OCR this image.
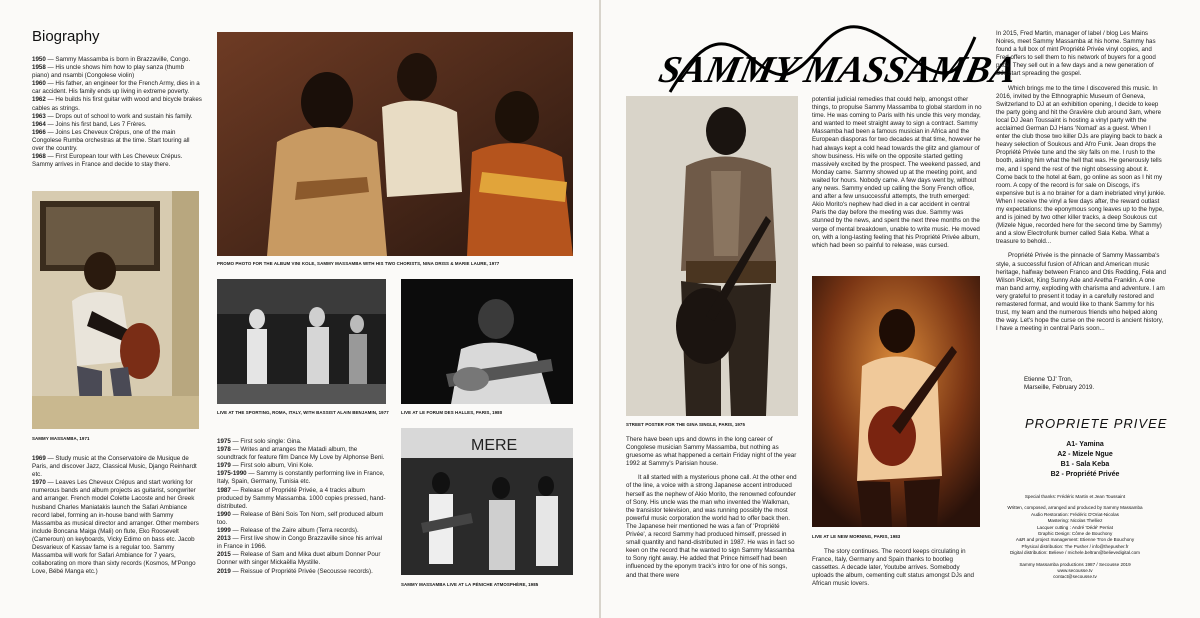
Biography
1950 — Sammy Massamba is born in Brazzaville, Congo.
1958 — His uncle shows him how to play sanza (thumb piano) and nsambi (Congolese violin)
1960 — His father, an engineer for the French Army, dies in a car accident. His family ends up living in extreme poverty.
1962 — He builds his first guitar with wood and bicycle brakes cables as strings.
1963 — Drops out of school to work and sustain his family.
1964 — Joins his first band, Les 7 Frères.
1966 — Joins Les Cheveux Crépus, one of the main Congolese Rumba orchestras at the time. Start touring all over the country.
1968 — First European tour with Les Cheveux Crépus. Sammy arrives in France and decide to stay there.
SAMMY MASSAMBA, 1971
1969 — Study music at the Conservatoire de Musique de Paris, and discover Jazz, Classical Music, Django Reinhardt etc.
1970 — Leaves Les Cheveux Crépus and start working for numerous bands and album projects as guitarist, songwriter and arranger. French model Colette Lacoste and her Greek husband Charles Maniatakis launch the Safari Ambiance record label, forming an in-house band with Sammy Massamba as musical director and arranger. Other members include Boncana Maiga (Mali) on flute, Eko Roosevelt (Cameroun) on keyboards, Vicky Edimo on bass etc. Jacob Desvarieux of Kassav fame is a regular too. Sammy Massamba will work for Safari Ambiance for 7 years, collaborating on more than sixty records (Kosmos, M'Pongo Love, Bébé Manga etc.)
PROMO PHOTO FOR THE ALBUM VINI KOLE, SAMMY MASSAMBA WITH HIS TWO CHORISTS, NINA DRISS & MARIE LAURE, 1977
LIVE AT THE SPORTING, ROMA, ITALY, WITH BASSIST ALAIN BENJAMIN, 1977	LIVE AT LE FORUM DES HALLES, PARIS, 1980
1975 — First solo single: Gina.
1978 — Writes and arranges the Matadi album, the soundtrack for feature film Dance My Love by Alphonse Beni.
1979 — First solo album, Vini Kole.
1975-1990 — Sammy is constantly performing live in France, Italy, Spain, Germany, Tunisia etc.
1987 — Release of Propriété Privée, a 4 tracks album produced by Sammy Massamba. 1000 copies pressed, hand-distributed.
1990 — Release of Bèni Sois Ton Nom, self produced album too.
1999 — Release of the Zaire album (Terra records).
2013 — First live show in Congo Brazzaville since his arrival in France in 1966.
2015 — Release of Sam and Mika duet album Donner Pour Donner with singer Mickaëlla Mystille.
2019 — Reissue of Propriété Privée (Secousse records).
MERE
SAMMY MASSAMBA LIVE AT LA PÉNICHE ATMOSPHÈRE, 1985
SAMMY MASSAMBA
STREET POSTER FOR THE GINA SINGLE, PARIS, 1975

There have been ups and downs in the long career of Congolese musician Sammy Massamba, but nothing as gruesome as what happened a certain Friday night of the year 1992 at Sammy's Parisian house.

It all started with a mysterious phone call. At the other end of the line, a voice with a strong Japanese accent introduced herself as the nephew of Akio Morito, the renowned cofounder of Sony. His uncle was the man who invented the Walkman, the transistor television, and was running possibly the most powerful music corporation the world had to offer back then. The Japanese heir mentioned he was a fan of 'Propriété Privée', a record Sammy had produced himself, pressed in small quantity and hand-distributed in 1987. He was in fact so keen on the record that he wanted to sign Sammy Massamba to Sony right away. He added that Prince himself had been influenced by the eponym track's intro for one of his songs, and that there were

potential judicial remedies that could help, amongst other things, to propulse Sammy Massamba to global stardom in no time. He was coming to Paris with his uncle this very monday, and wanted to meet straight away to sign a contract. Sammy Massamba had been a famous musician in Africa and the European diasporas for two decades at that time, however he had always kept a cold head towards the glitz and glamour of show business. His wife on the opposite started getting massively excited by the prospect. The weekend passed, and Monday came. Sammy showed up at the meeting point, and waited for hours. Nobody came. A few days went by, without any news. Sammy ended up calling the Sony French office, and after a few unsuccessful attempts, the truth emerged: Akio Morito's nephew had died in a car accident in central Paris the day before the meeting was due. Sammy was stunned by the news, and spent the next three months on the verge of mental breakdown, unable to write music. He moved on, with a long-lasting feeling that his Propriété Privée album, which had been so painful to release, was cursed.

LIVE AT LE NEW MORNING, PARIS, 1983

The story continues. The record keeps circulating in France, Italy, Germany and Spain thanks to bootleg cassettes. A decade later, Youtube arrives. Somebody uploads the album, cementing cult status amongst DJs and African music lovers.

In 2015, Fred Martin, manager of label / blog Les Mains Noires, meet Sammy Massamba at his home. Sammy has found a full box of mint Propriété Privée vinyl copies, and Fred offers to sell them to his network of buyers for a good price. They sell out in a few days and a new generation of DJs start spreading the gospel.

Which brings me to the time I discovered this music. In 2016, invited by the Ethnographic Museum of Geneva, Switzerland to DJ at an exhibition opening, I decide to keep the party going and hit the Gravière club around 3am, where local DJ Jean Toussaint is hosting a vinyl party with the acclaimed German DJ Hans 'Nomad' as a guest. When I enter the club those two killer DJs are playing back to back a heavy selection of Soukous and Afro Funk. Jean drops the Propriété Privée tune and the sky falls on me. I rush to the booth, asking him what the hell that was. He generously tells me, and I spend the rest of the night obsessing about it. Come back to the hotel at 6am, go online as soon as I hit my room. A copy of the record is for sale on Discogs, it's expensive but is a no brainer for a dam inebriated vinyl junkie. When I receive the vinyl a few days after, the reward outlast my expectations: the eponymous song leaves up to the hype, and is joined by two other killer tracks, a deep Soukous cut (Mizele Ngue, recorded here for the second time by Sammy) and a slow Electrofunk burner called Sala Keba. What a treasure to behold...

Propriété Privée is the pinnacle of Sammy Massamba's style, a successful fusion of African and American music heritage, halfway between Franco and Otis Redding, Fela and Wilson Picket, King Sunny Ade and Aretha Franklin. A one man band army, exploding with charisma and adventure. I am very grateful to present it today in a carefully restored and remastered format, and would like to thank Sammy for his trust, my team and the numerous friends who helped along the way. Let's hope the curse on the record is ancient history, I have a meeting in central Paris soon...

Etienne 'DJ' Tron,
Marseille, February 2019.
PROPRIETE PRIVEE
A1- Yamina
A2 - Mizele Ngue
B1 - Sala Keba
B2 - Propriété Privée
Special thanks: Frédéric Martin et Jean Toussaint
Written, composed, arranged and produced by Sammy Massamba
Audio Restoration: Frédéric D'Oriat-Nicolas
Mastering: Nicolas Thelliez
Lacquer cutting : André 'Dédé' Perriat
Graphic Design: Côme de Bouchony
A&R and project management: Etienne Tron de Bouchony
Physical distribution: The Pusher / info@thepusher.fr
Digital distribution: Believe / michele.beltran@believedigital.com
Sammy Massamba productions 1987 / Secousse 2019
www.secousse.tv
contact@secousse.tv
